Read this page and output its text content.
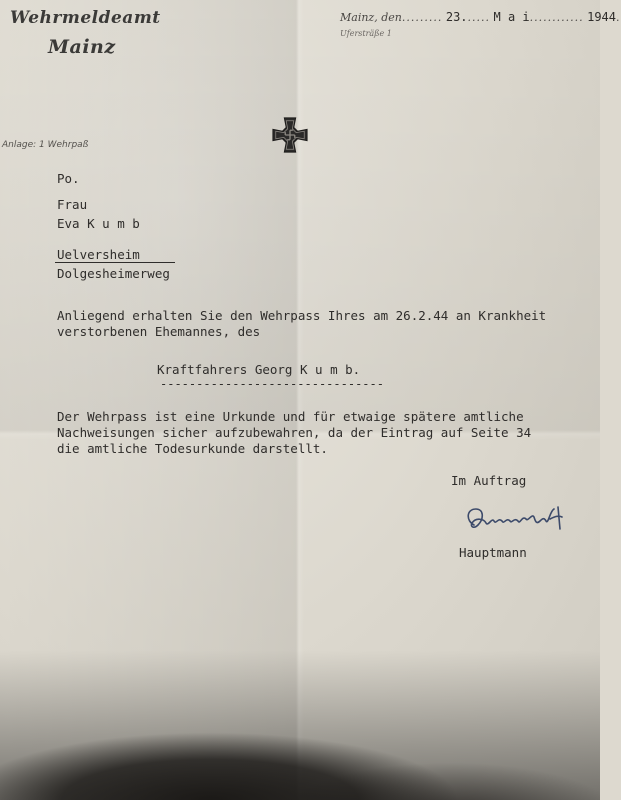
Wehrmeldeamt
Mainz
Mainz, den......... 23...... M a i............ 1944.
Ufersträße 1
Anlage: 1 Wehrpaß
Po.
Frau
Eva K u m b
Uelversheim
Dolgesheimerweg
Anliegend erhalten Sie den Wehrpass Ihres am 26.2.44 an Krankheit
verstorbenen Ehemannes, des
Kraftfahrers Georg K u m b.
-------------------------------
Der Wehrpass ist eine Urkunde und für etwaige spätere amtliche
Nachweisungen sicher aufzubewahren, da der Eintrag auf Seite 34
die amtliche Todesurkunde darstellt.
Im Auftrag
Hauptmann
